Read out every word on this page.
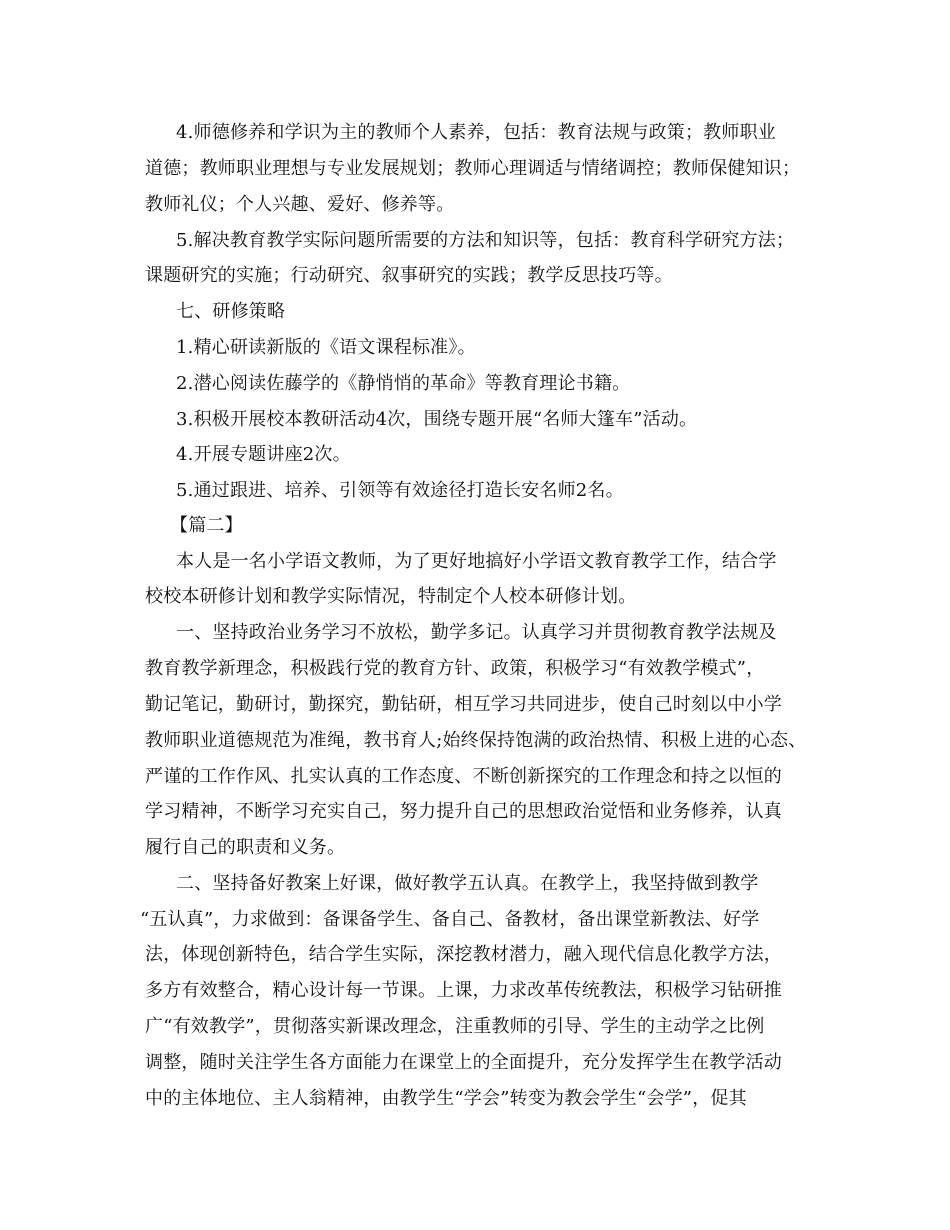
4.师德修养和学识为主的教师个人素养，包括：教育法规与政策；教师职业
道德；教师职业理想与专业发展规划；教师心理调适与情绪调控；教师保健知识；
教师礼仪；个人兴趣、爱好、修养等。
5.解决教育教学实际问题所需要的方法和知识等，包括：教育科学研究方法；
课题研究的实施；行动研究、叙事研究的实践；教学反思技巧等。
七、研修策略
1.精心研读新版的《语文课程标准》。
2.潜心阅读佐藤学的《静悄悄的革命》等教育理论书籍。
3.积极开展校本教研活动4次，围绕专题开展“名师大篷车”活动。
4.开展专题讲座2次。
5.通过跟进、培养、引领等有效途径打造长安名师2名。
【篇二】
本人是一名小学语文教师，为了更好地搞好小学语文教育教学工作，结合学
校校本研修计划和教学实际情况，特制定个人校本研修计划。
一、坚持政治业务学习不放松，勤学多记。认真学习并贯彻教育教学法规及
教育教学新理念，积极践行党的教育方针、政策，积极学习“有效教学模式”，
勤记笔记，勤研讨，勤探究，勤钻研，相互学习共同进步，使自己时刻以中小学
教师职业道德规范为准绳，教书育人;始终保持饱满的政治热情、积极上进的心态、
严谨的工作作风、扎实认真的工作态度、不断创新探究的工作理念和持之以恒的
学习精神，不断学习充实自己，努力提升自己的思想政治觉悟和业务修养，认真
履行自己的职责和义务。
二、坚持备好教案上好课，做好教学五认真。在教学上，我坚持做到教学
“五认真”，力求做到：备课备学生、备自己、备教材，备出课堂新教法、好学
法，体现创新特色，结合学生实际，深挖教材潜力，融入现代信息化教学方法，
多方有效整合，精心设计每一节课。上课，力求改革传统教法，积极学习钻研推
广“有效教学”，贯彻落实新课改理念，注重教师的引导、学生的主动学之比例
调整，随时关注学生各方面能力在课堂上的全面提升，充分发挥学生在教学活动
中的主体地位、主人翁精神，由教学生“学会”转变为教会学生“会学”，促其
